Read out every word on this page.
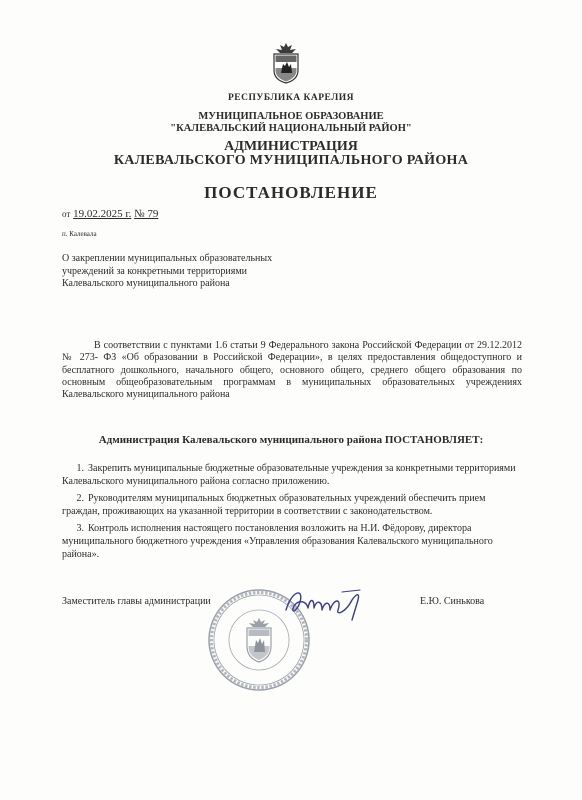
РЕСПУБЛИКА КАРЕЛИЯ
МУНИЦИПАЛЬНОЕ ОБРАЗОВАНИЕ
"КАЛЕВАЛЬСКИЙ НАЦИОНАЛЬНЫЙ РАЙОН"
АДМИНИСТРАЦИЯ
КАЛЕВАЛЬСКОГО МУНИЦИПАЛЬНОГО РАЙОНА
ПОСТАНОВЛЕНИЕ
от 19.02.2025 г. № 79
п. Калевала
О закреплении муниципальных образовательных
учреждений за конкретными территориями
Калевальского муниципального района
В соответствии с пунктами 1.6 статьи 9 Федерального закона Российской Федерации от 29.12.2012 № 273- ФЗ «Об образовании в Российской Федерации», в целях предоставления общедоступного и бесплатного дошкольного, начального общего, основного общего, среднего общего образования по основным общеобразовательным программам в муниципальных образовательных учреждениях Калевальского муниципального района
Администрация Калевальского муниципального района ПОСТАНОВЛЯЕТ:
1. Закрепить муниципальные бюджетные образовательные учреждения за конкретными территориями Калевальского муниципального района согласно приложению.
2. Руководителям муниципальных бюджетных образовательных учреждений обеспечить прием граждан, проживающих на указанной территории в соответствии с законодательством.
3. Контроль исполнения настоящего постановления возложить на Н.И. Фёдорову, директора муниципального бюджетного учреждения «Управления образования Калевальского муниципального района».
Заместитель главы администрации	Е.Ю. Синькова
